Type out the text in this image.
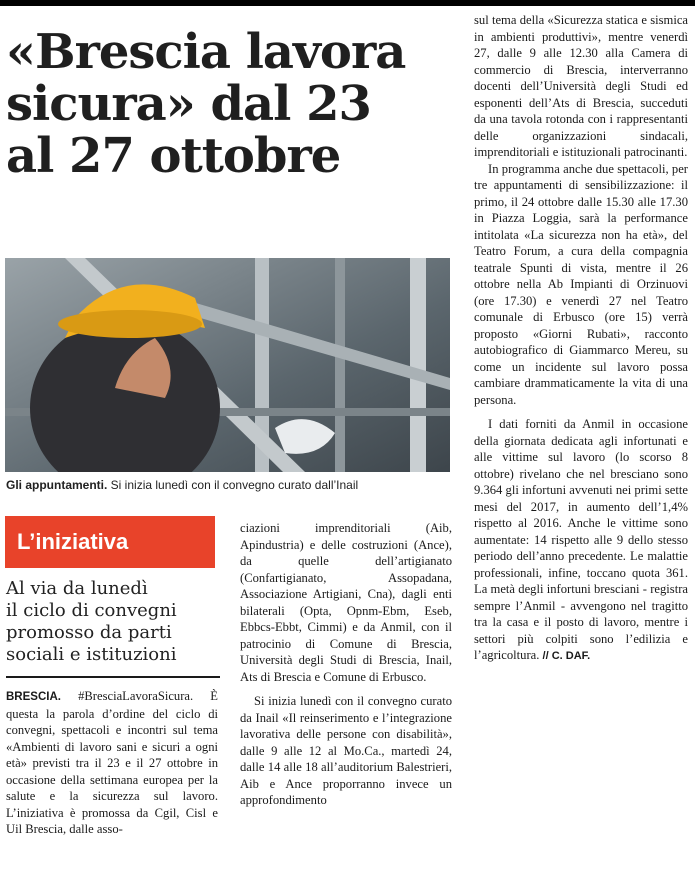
«Brescia lavora
sicura» dal 23
al 27 ottobre
Gli appuntamenti. Si inizia lunedì con il convegno curato dall’Inail
L’iniziativa
Al via da lunedì
il ciclo di convegni
promosso da parti
sociali e istituzioni

BRESCIA. #BresciaLavoraSicura. È questa la parola d’ordine del ciclo di convegni, spettacoli e incontri sul tema «Ambienti di lavoro sani e sicuri a ogni età» previsti tra il 23 e il 27 ottobre in occasione della settimana europea per la salute e la sicurezza sul lavoro. L’iniziativa è promossa da Cgil, Cisl e Uil Brescia, dalle asso-

ciazioni imprenditoriali (Aib, Apindustria) e delle costruzioni (Ance), da quelle dell’artigianato (Confartigianato, Assopadana, Associazione Artigiani, Cna), dagli enti bilaterali (Opta, Opnm-Ebm, Eseb, Ebbcs-Ebbt, Cimmi) e da Anmil, con il patrocinio di Comune di Brescia, Università degli Studi di Brescia, Inail, Ats di Brescia e Comune di Erbusco.

Si inizia lunedì con il convegno curato da Inail «Il reinserimento e l’integrazione lavorativa delle persone con disabilità», dalle 9 alle 12 al Mo.Ca., martedì 24, dalle 14 alle 18 all’auditorium Balestrieri, Aib e Ance proporranno invece un approfondimento

sul tema della «Sicurezza statica e sismica in ambienti produttivi», mentre venerdì 27, dalle 9 alle 12.30 alla Camera di commercio di Brescia, interverranno docenti dell’Università degli Studi ed esponenti dell’Ats di Brescia, succeduti da una tavola rotonda con i rappresentanti delle organizzazioni sindacali, imprenditoriali e istituzionali patrocinanti.

In programma anche due spettacoli, per tre appuntamenti di sensibilizzazione: il primo, il 24 ottobre dalle 15.30 alle 17.30 in Piazza Loggia, sarà la performance intitolata «La sicurezza non ha età», del Teatro Forum, a cura della compagnia teatrale Spunti di vista, mentre il 26 ottobre nella Ab Impianti di Orzinuovi (ore 17.30) e venerdì 27 nel Teatro comunale di Erbusco (ore 15) verrà proposto «Giorni Rubati», racconto autobiografico di Giammarco Mereu, su come un incidente sul lavoro possa cambiare drammaticamente la vita di una persona.

I dati forniti da Anmil in occasione della giornata dedicata agli infortunati e alle vittime sul lavoro (lo scorso 8 ottobre) rivelano che nel bresciano sono 9.364 gli infortuni avvenuti nei primi sette mesi del 2017, in aumento dell’1,4% rispetto al 2016. Anche le vittime sono aumentate: 14 rispetto alle 9 dello stesso periodo dell’anno precedente. Le malattie professionali, infine, toccano quota 361. La metà degli infortuni bresciani - registra sempre l’Anmil - avvengono nel tragitto tra la casa e il posto di lavoro, mentre i settori più colpiti sono l’edilizia e l’agricoltura. // C. DAF.
